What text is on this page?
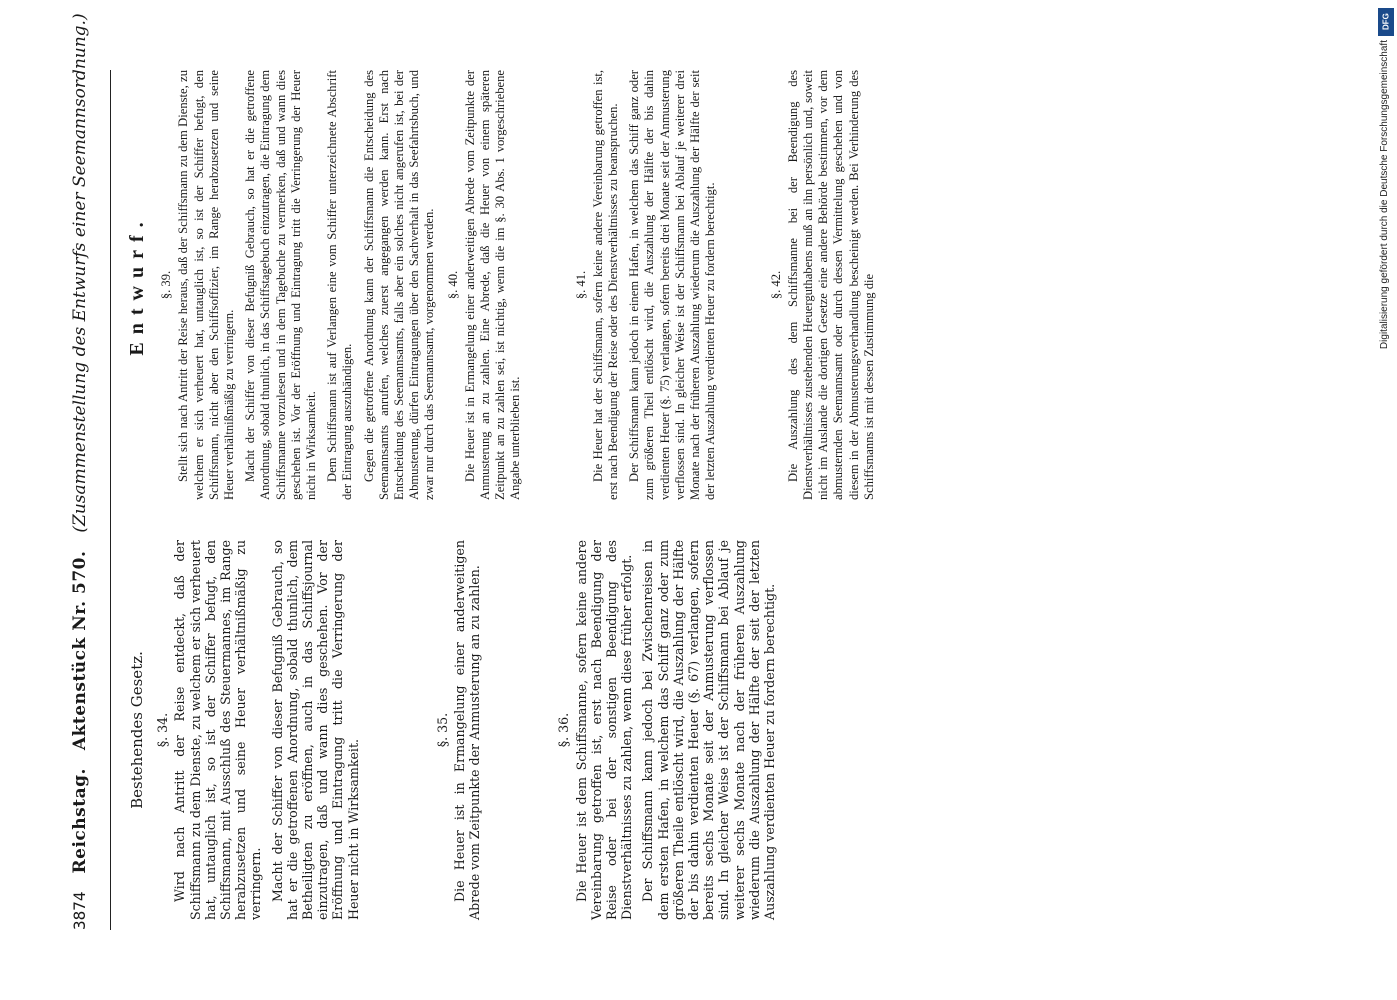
3874
Reichstag.
Aktenstück Nr. 570.
(Zusammenstellung des Entwurfs einer Seemannsordnung.)
Bestehendes Gesetz. §. 34. Wird nach Antritt der Reise entdeckt, daß der Schiffsmann zu dem Dienste, zu welchem er sich verheuert hat, untauglich ist, so ist der Schiffer befugt, den Schiffsmann, mit Ausschluß des Steuermannes, im Range herabzusetzen und seine Heuer verhältnißmäßig zu verringern. Macht der Schiffer von dieser Befugniß Gebrauch, so hat er die getroffenen Anordnung, sobald thunlich, dem Betheiligten zu eröffnen, auch in das Schiffsjournal einzutragen, daß und wann dies geschehen. Vor der Eröffnung und Eintragung tritt die Verringerung der Heuer nicht in Wirksamkeit.

§. 35. Die Heuer ist in Ermangelung einer anderweitigen Abrede vom Zeitpunkte der Anmusterung an zu zahlen.	§. 36. Die Heuer ist dem Schiffsmanne, sofern keine andere Vereinbarung getroffen ist, erst nach Beendigung der Reise oder bei der sonstigen Beendigung des Dienstverhältnisses zu zahlen, wenn diese früher erfolgt. Der Schiffsmann kann jedoch bei Zwischenreisen in dem ersten Hafen, in welchem das Schiff ganz oder zum größeren Theile entlöscht wird, die Auszahlung der Hälfte der bis dahin verdienten Heuer (§. 67) verlangen, sofern bereits sechs Monate seit der Anmusterung verflossen sind. In gleicher Weise ist der Schiffsmann bei Ablauf je weiterer sechs Monate nach der früheren Auszahlung wiederum die Auszahlung der Hälfte der seit der letzten Auszahlung verdienten Heuer zu fordern berechtigt.

Entwurf. §. 39. Stellt sich nach Antritt der Reise heraus, daß der Schiffsmann zu dem Dienste, zu welchem er sich verheuert hat, untauglich ist, so ist der Schiffer befugt, den Schiffsmann, nicht aber den Schiffsoffizier, im Range herabzusetzen und seine Heuer verhältnißmäßig zu verringern. Macht der Schiffer von dieser Befugniß Gebrauch, so hat er die getroffene Anordnung, sobald thunlich, in das Schiffstagebuch einzutragen, die Eintragung dem Schiffsmanne vorzulesen und in dem Tagebuche zu vermerken, daß und wann dies geschehen ist. Vor der Eröffnung und Eintragung tritt die Verringerung der Heuer nicht in Wirksamkeit. Dem Schiffsmann ist auf Verlangen eine vom Schiffer unterzeichnete Abschrift der Eintragung auszuhändigen. Gegen die getroffene Anordnung kann der Schiffsmann die Entscheidung des Seemannsamts anrufen, welches zuerst angegangen werden kann. Erst nach Entscheidung des Seemannsamts, falls aber ein solches nicht angerufen ist, bei der Abmusterung, dürfen Eintragungen über den Sachverhalt in das Seefahrtsbuch, und zwar nur durch das Seemannsamt, vorgenommen werden. §. 40. Die Heuer ist in Ermangelung einer anderweitigen Abrede vom Zeitpunkte der Anmusterung an zu zahlen. Eine Abrede, daß die Heuer von einem späteren Zeitpunkt an zu zahlen sei, ist nichtig, wenn die im §. 30 Abs. 1 vorgeschriebene Angabe unterblieben ist.

§. 41. Die Heuer hat der Schiffsmann, sofern keine andere Vereinbarung getroffen ist, erst nach Beendigung der Reise oder des Dienstverhältnisses zu beanspruchen. Der Schiffsmann kann jedoch in einem Hafen, in welchem das Schiff ganz oder zum größeren Theil entlöscht wird, die Auszahlung der Hälfte der bis dahin verdienten Heuer (§. 75) verlangen, sofern bereits drei Monate seit der Anmusterung verflossen sind. In gleicher Weise ist der Schiffsmann bei Ablauf je weiterer drei Monate nach der früheren Auszahlung wiederum die Auszahlung der Hälfte der seit der letzten Auszahlung verdienten Heuer zu fordern berechtigt.	§. 42. Die Auszahlung des dem Schiffsmanne bei der Beendigung des Dienstverhältnisses zustehenden Heuerguthabens muß an ihn persönlich und, soweit nicht im Auslande die dortigen Gesetze eine andere Behörde bestimmen, vor dem abmusternden Seemannsamt oder durch dessen Vermittelung geschehen und von diesem in der Abmusterungsverhandlung bescheinigt werden. Bei Verhinderung des Schiffsmanns ist mit dessen Zustimmung die

Digitalisierung gefördert durch die Deutsche Forschungsgemeinschaft
DFG
